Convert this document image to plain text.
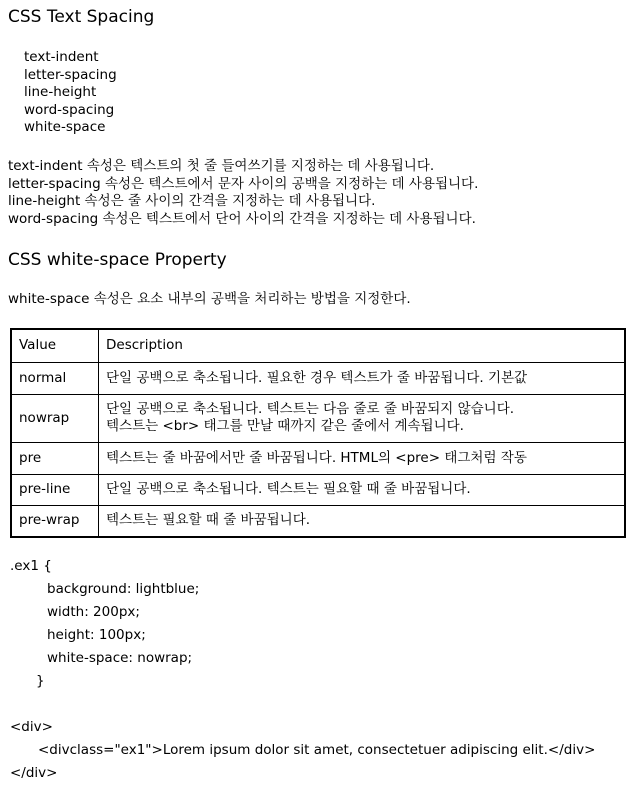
CSS Text Spacing
text-indent
letter-spacing
line-height
word-spacing
white-space
text-indent 속성은 텍스트의 첫 줄 들여쓰기를 지정하는 데 사용됩니다.
letter-spacing 속성은 텍스트에서 문자 사이의 공백을 지정하는 데 사용됩니다.
line-height 속성은 줄 사이의 간격을 지정하는 데 사용됩니다.
word-spacing 속성은 텍스트에서 단어 사이의 간격을 지정하는 데 사용됩니다.
CSS white-space Property
white-space 속성은 요소 내부의 공백을 처리하는 방법을 지정한다.
Value	Description
normal	단일 공백으로 축소됩니다. 필요한 경우 텍스트가 줄 바꿈됩니다. 기본값

nowrap	단일 공백으로 축소됩니다. 텍스트는 다음 줄로 줄 바꿈되지 않습니다.
텍스트는 <br> 태그를 만날 때까지 같은 줄에서 계속됩니다.

pre	텍스트는 줄 바꿈에서만 줄 바꿈됩니다. HTML의 <pre> 태그처럼 작동

pre-line	단일 공백으로 축소됩니다. 텍스트는 필요할 때 줄 바꿈됩니다.

pre-wrap	텍스트는 필요할 때 줄 바꿈됩니다.
.ex1 {
background: lightblue;
width: 200px;
height: 100px;
white-space: nowrap;
}
<div>
<divclass="ex1">Lorem ipsum dolor sit amet, consectetuer adipiscing elit.</div>
</div>
